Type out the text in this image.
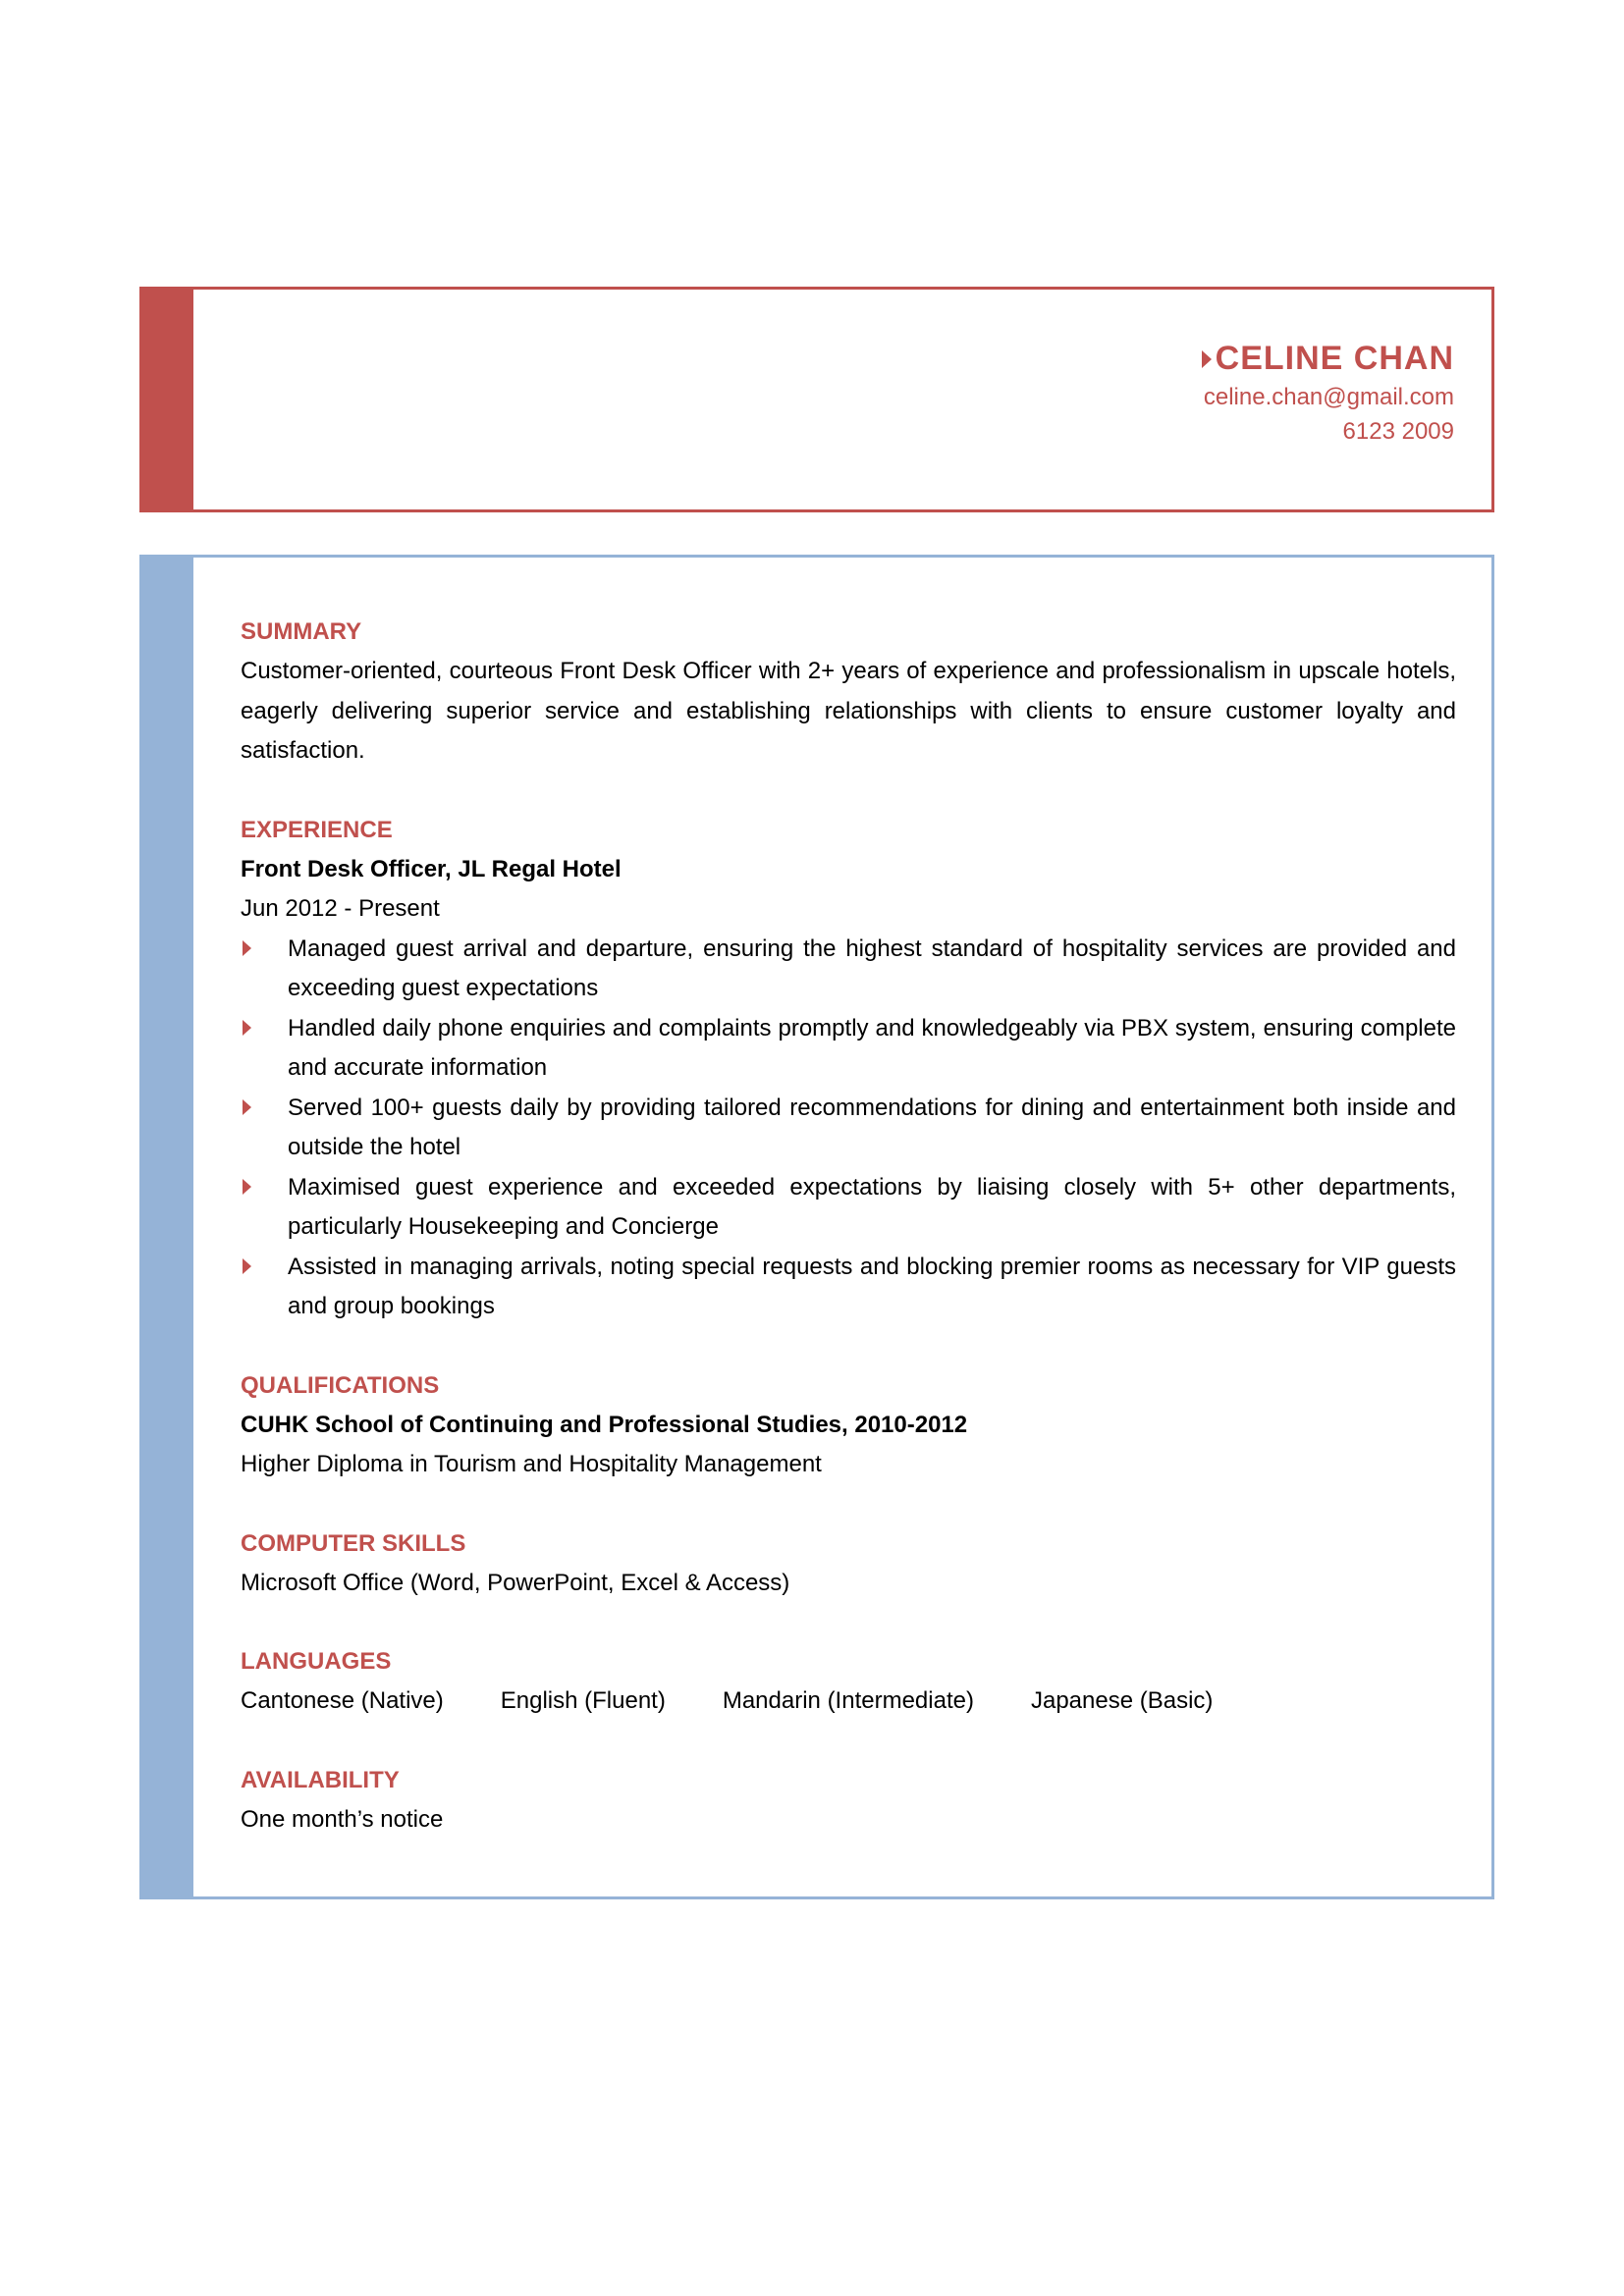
CELINE CHAN
celine.chan@gmail.com
6123 2009
SUMMARY
Customer-oriented, courteous Front Desk Officer with 2+ years of experience and professionalism in upscale hotels, eagerly delivering superior service and establishing relationships with clients to ensure customer loyalty and satisfaction.
EXPERIENCE
Front Desk Officer, JL Regal Hotel
Jun 2012 - Present
Managed guest arrival and departure, ensuring the highest standard of hospitality services are provided and exceeding guest expectations
Handled daily phone enquiries and complaints promptly and knowledgeably via PBX system, ensuring complete and accurate information
Served 100+ guests daily by providing tailored recommendations for dining and entertainment both inside and outside the hotel
Maximised guest experience and exceeded expectations by liaising closely with 5+ other departments, particularly Housekeeping and Concierge
Assisted in managing arrivals, noting special requests and blocking premier rooms as necessary for VIP guests and group bookings
QUALIFICATIONS
CUHK School of Continuing and Professional Studies, 2010-2012
Higher Diploma in Tourism and Hospitality Management
COMPUTER SKILLS
Microsoft Office (Word, PowerPoint, Excel & Access)
LANGUAGES
Cantonese (Native) English (Fluent) Mandarin (Intermediate) Japanese (Basic)
AVAILABILITY
One month’s notice
